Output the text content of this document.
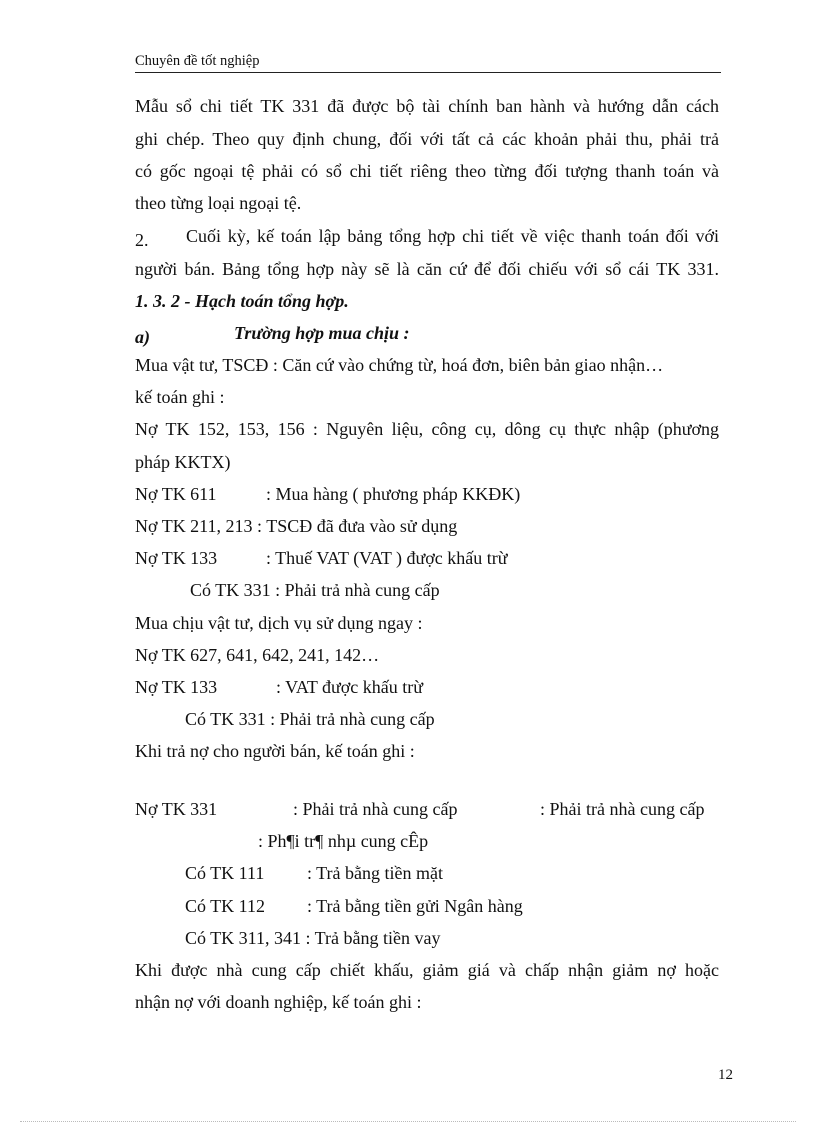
Chuyên đề tốt nghiệp
Mẫu sổ chi tiết TK 331 đã được bộ tài chính ban hành và hướng dẫn cách
ghi chép. Theo quy định chung, đối với tất cả các khoản phải thu, phải trả
có gốc ngoại tệ phải có sổ chi tiết riêng theo từng đối tượng thanh toán và
theo từng loại ngoại tệ.
2. Cuối kỳ, kế toán lập bảng tổng hợp chi tiết về việc thanh toán đối với
người bán. Bảng tổng hợp này sẽ là căn cứ để đối chiếu với sổ cái TK 331.
1. 3. 2 - Hạch toán tổng hợp.
a)	Trường hợp mua chịu :
Mua vật tư, TSCĐ : Căn cứ vào chứng từ, hoá đơn, biên bản giao nhận…
kế toán ghi :
Nợ TK 152, 153, 156 : Nguyên liệu, công cụ, dông cụ thực nhập (phương
pháp KKTX)
Nợ TK 611	: Mua hàng ( phương pháp KKĐK)
Nợ TK 211, 213 : TSCĐ đã đưa vào sử dụng
Nợ TK 133	: Thuế VAT (VAT ) được khấu trừ
Có TK 331 : Phải trả nhà cung cấp
Mua chịu vật tư, dịch vụ sử dụng ngay :
Nợ TK 627, 641, 642, 241, 142…
Nợ TK 133	: VAT được khấu trừ
Có TK 331 : Phải trả nhà cung cấp
Khi trả nợ cho người bán, kế toán ghi :
Nợ TK 331	: Phải trả nhà cung cấp	: Phải trả nhà cung cấp
: Ph¶i tr¶ nhµ cung cÊp
Có TK 111 : Trả bằng tiền mặt
Có TK 112 : Trả bằng tiền gửi Ngân hàng
Có TK 311, 341 : Trả bằng tiền vay
Khi được nhà cung cấp chiết khấu, giảm giá và chấp nhận giảm nợ hoặc
nhận nợ với doanh nghiệp, kế toán ghi :
12
